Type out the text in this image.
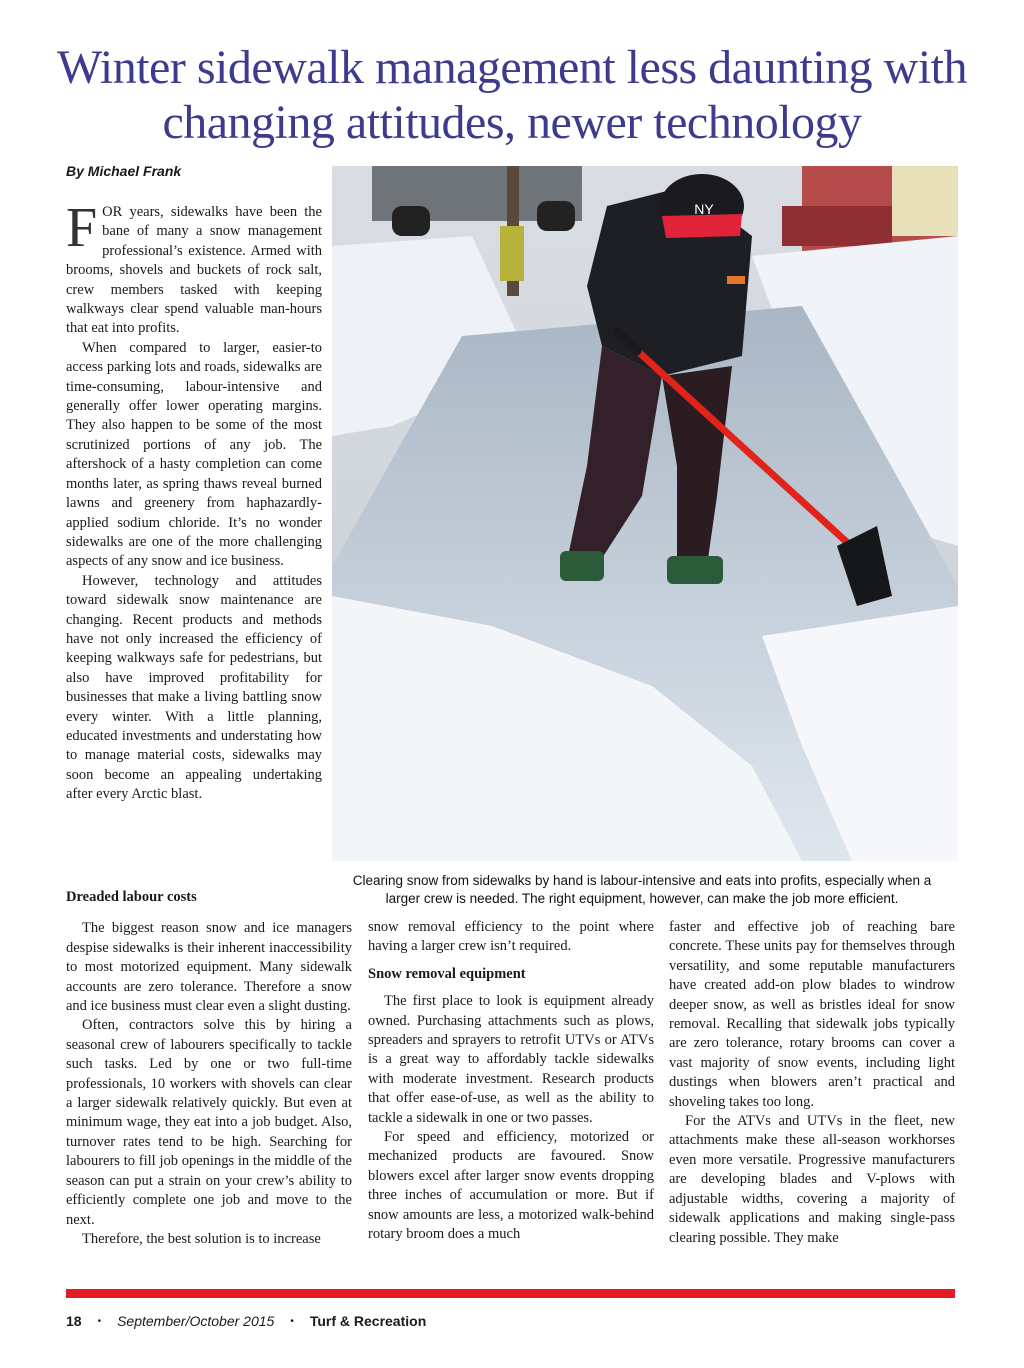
Winter sidewalk management less daunting with changing attitudes, newer technology

By Michael Frank

FOR years, sidewalks have been the bane of many a snow management professional’s existence. Armed with brooms, shovels and buckets of rock salt, crew members tasked with keeping walkways clear spend valuable man-hours that eat into profits.

When compared to larger, easier-to access parking lots and roads, sidewalks are time-consuming, labour-intensive and generally offer lower operating margins. They also happen to be some of the most scrutinized portions of any job. The aftershock of a hasty completion can come months later, as spring thaws reveal burned lawns and greenery from haphazardly-applied sodium chloride. It’s no wonder sidewalks are one of the more challenging aspects of any snow and ice business.

However, technology and attitudes toward sidewalk snow maintenance are changing. Recent products and methods have not only increased the efficiency of keeping walkways safe for pedestrians, but also have improved profitability for businesses that make a living battling snow every winter. With a little planning, educated investments and understating how to manage material costs, sidewalks may soon become an appealing undertaking after every Arctic blast.

Dreaded labour costs

The biggest reason snow and ice managers despise sidewalks is their inherent inaccessibility to most motorized equipment. Many sidewalk accounts are zero tolerance. Therefore a snow and ice business must clear even a slight dusting.

Often, contractors solve this by hiring a seasonal crew of labourers specifically to tackle such tasks. Led by one or two full-time professionals, 10 workers with shovels can clear a larger sidewalk relatively quickly. But even at minimum wage, they eat into a job budget. Also, turnover rates tend to be high. Searching for labourers to fill job openings in the middle of the season can put a strain on your crew’s ability to efficiently complete one job and move to the next.

Therefore, the best solution is to increase

snow removal efficiency to the point where having a larger crew isn’t required.

Snow removal equipment

The first place to look is equipment already owned. Purchasing attachments such as plows, spreaders and sprayers to retrofit UTVs or ATVs is a great way to affordably tackle sidewalks with moderate investment. Research products that offer ease-of-use, as well as the ability to tackle a sidewalk in one or two passes.

For speed and efficiency, motorized or mechanized products are favoured. Snow blowers excel after larger snow events dropping three inches of accumulation or more. But if snow amounts are less, a motorized walk-behind rotary broom does a much

faster and effective job of reaching bare concrete. These units pay for themselves through versatility, and some reputable manufacturers have created add-on plow blades to windrow deeper snow, as well as bristles ideal for snow removal. Recalling that sidewalk jobs typically are zero tolerance, rotary brooms can cover a vast majority of snow events, including light dustings when blowers aren’t practical and shoveling takes too long.

For the ATVs and UTVs in the fleet, new attachments make these all-season workhorses even more versatile. Progressive manufacturers are developing blades and V-plows with adjustable widths, covering a majority of sidewalk applications and making single-pass clearing possible. They make

NY

Clearing snow from sidewalks by hand is labour-intensive and eats into profits, especially when a larger crew is needed. The right equipment, however, can make the job more efficient.

18 • September/October 2015 • Turf & Recreation
